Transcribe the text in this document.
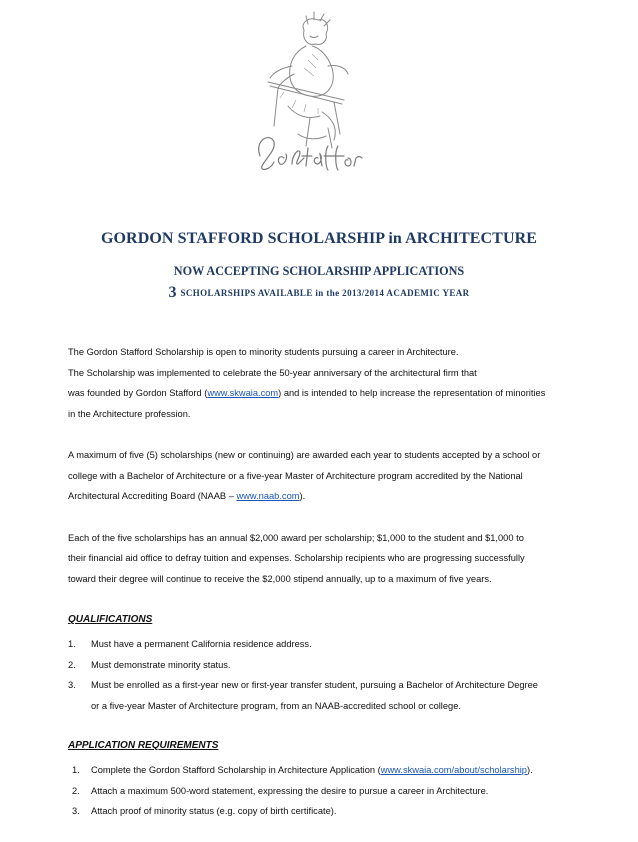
G. Stafford
GORDON STAFFORD SCHOLARSHIP in ARCHITECTURE
NOW ACCEPTING SCHOLARSHIP APPLICATIONS
3 SCHOLARSHIPS AVAILABLE in the 2013/2014 ACADEMIC YEAR
The Gordon Stafford Scholarship is open to minority students pursuing a career in Architecture.
The Scholarship was implemented to celebrate the 50-year anniversary of the architectural firm that
was founded by Gordon Stafford (www.skwaia.com) and is intended to help increase the representation of minorities
in the Architecture profession.
A maximum of five (5) scholarships (new or continuing) are awarded each year to students accepted by a school or
college with a Bachelor of Architecture or a five-year Master of Architecture program accredited by the National
Architectural Accrediting Board (NAAB – www.naab.com).
Each of the five scholarships has an annual $2,000 award per scholarship; $1,000 to the student and $1,000 to
their financial aid office to defray tuition and expenses. Scholarship recipients who are progressing successfully
toward their degree will continue to receive the $2,000 stipend annually, up to a maximum of five years.
QUALIFICATIONS
1.	Must have a permanent California residence address.
2.	Must demonstrate minority status.
3.	Must be enrolled as a first-year new or first-year transfer student, pursuing a Bachelor of Architecture Degree
or a five-year Master of Architecture program, from an NAAB-accredited school or college.
APPLICATION REQUIREMENTS
1.	Complete the Gordon Stafford Scholarship in Architecture Application (www.skwaia.com/about/scholarship).
2.	Attach a maximum 500-word statement, expressing the desire to pursue a career in Architecture.
3.	Attach proof of minority status (e.g. copy of birth certificate).
